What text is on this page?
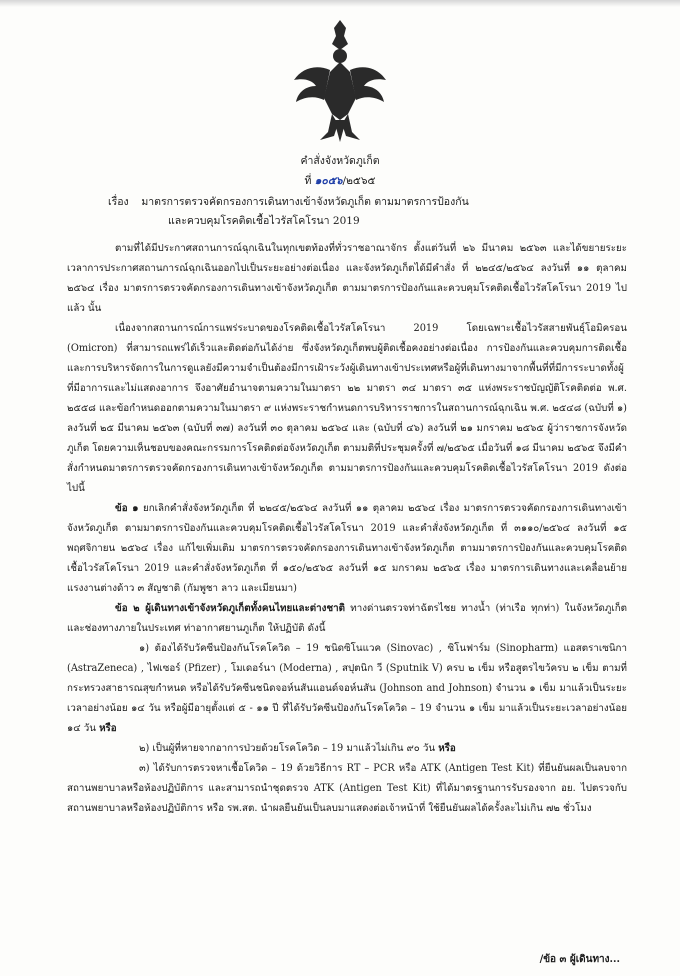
คำสั่งจังหวัดภูเก็ต
ที่ ๑๐๕๖/๒๕๖๕
เรื่อง มาตรการตรวจคัดกรองการเดินทางเข้าจังหวัดภูเก็ต ตามมาตรการป้องกัน
และควบคุมโรคติดเชื้อไวรัสโคโรนา 2019

ตามที่ได้มีประกาศสถานการณ์ฉุกเฉินในทุกเขตท้องที่ทั่วราชอาณาจักร ตั้งแต่วันที่ ๒๖ มีนาคม ๒๕๖๓ และได้ขยายระยะเวลาการประกาศสถานการณ์ฉุกเฉินออกไปเป็นระยะอย่างต่อเนื่อง และจังหวัดภูเก็ตได้มีคำสั่ง ที่ ๒๒๔๕/๒๕๖๔ ลงวันที่ ๑๑ ตุลาคม ๒๕๖๔ เรื่อง มาตรการตรวจคัดกรองการเดินทางเข้าจังหวัดภูเก็ต ตามมาตรการป้องกันและควบคุมโรคติดเชื้อไวรัสโคโรนา 2019 ไปแล้ว นั้น

เนื่องจากสถานการณ์การแพร่ระบาดของโรคติดเชื้อไวรัสโคโรนา 2019 โดยเฉพาะเชื้อไวรัสสายพันธุ์โอมิครอน (Omicron) ที่สามารถแพร่ได้เร็วและติดต่อกันได้ง่าย ซึ่งจังหวัดภูเก็ตพบผู้ติดเชื้อคงอย่างต่อเนื่อง การป้องกันและควบคุมการติดเชื้อและการบริหารจัดการในการดูแลยังมีความจำเป็นต้องมีการเฝ้าระวังผู้เดินทางเข้าประเทศหรือผู้ที่เดินทางมาจากพื้นที่ที่มีการระบาดทั้งผู้ที่มีอาการและไม่แสดงอาการ จึงอาศัยอำนาจตามความในมาตรา ๒๒ มาตรา ๓๔ มาตรา ๓๕ แห่งพระราชบัญญัติโรคติดต่อ พ.ศ. ๒๕๕๘ และข้อกำหนดออกตามความในมาตรา ๙ แห่งพระราชกำหนดการบริหารราชการในสถานการณ์ฉุกเฉิน พ.ศ. ๒๕๔๘ (ฉบับที่ ๑) ลงวันที่ ๒๕ มีนาคม ๒๕๖๓ (ฉบับที่ ๓๗) ลงวันที่ ๓๐ ตุลาคม ๒๕๖๔ และ (ฉบับที่ ๔๖) ลงวันที่ ๒๑ มกราคม ๒๕๖๕ ผู้ว่าราชการจังหวัดภูเก็ต โดยความเห็นชอบของคณะกรรมการโรคติดต่อจังหวัดภูเก็ต ตามมติที่ประชุมครั้งที่ ๗/๒๕๖๕ เมื่อวันที่ ๑๘ มีนาคม ๒๕๖๕ จึงมีคำสั่งกำหนดมาตรการตรวจคัดกรองการเดินทางเข้าจังหวัดภูเก็ต ตามมาตรการป้องกันและควบคุมโรคติดเชื้อไวรัสโคโรนา 2019 ดังต่อไปนี้

ข้อ ๑ ยกเลิกคำสั่งจังหวัดภูเก็ต ที่ ๒๒๔๕/๒๕๖๔ ลงวันที่ ๑๑ ตุลาคม ๒๕๖๔ เรื่อง มาตรการตรวจคัดกรองการเดินทางเข้าจังหวัดภูเก็ต ตามมาตรการป้องกันและควบคุมโรคติดเชื้อไวรัสโคโรนา 2019 และคำสั่งจังหวัดภูเก็ต ที่ ๓๑๑๐/๒๕๖๔ ลงวันที่ ๑๕ พฤศจิกายน ๒๕๖๔ เรื่อง แก้ไขเพิ่มเติม มาตรการตรวจคัดกรองการเดินทางเข้าจังหวัดภูเก็ต ตามมาตรการป้องกันและควบคุมโรคติดเชื้อไวรัสโคโรนา 2019 และคำสั่งจังหวัดภูเก็ต ที่ ๑๕๐/๒๕๖๕ ลงวันที่ ๑๕ มกราคม ๒๕๖๕ เรื่อง มาตรการเดินทางและเคลื่อนย้ายแรงงานต่างด้าว ๓ สัญชาติ (กัมพูชา ลาว และเมียนมา)

ข้อ ๒ ผู้เดินทางเข้าจังหวัดภูเก็ตทั้งคนไทยและต่างชาติ ทางด่านตรวจท่าฉัตรไชย ทางน้ำ (ท่าเรือ ทุกท่า) ในจังหวัดภูเก็ต และช่องทางภายในประเทศ ท่าอากาศยานภูเก็ต ให้ปฏิบัติ ดังนี้

๑) ต้องได้รับวัคซีนป้องกันโรคโควิด – 19 ชนิดซิโนแวค (Sinovac) , ซิโนฟาร์ม (Sinopharm) แอสตราเซนิกา (AstraZeneca) , ไฟเซอร์ (Pfizer) , โมเดอร์นา (Moderna) , สปุตนิก วี (Sputnik V) ครบ ๒ เข็ม หรือสูตรไขว้ครบ ๒ เข็ม ตามที่กระทรวงสาธารณสุขกำหนด หรือได้รับวัคซีนชนิดจอห์นสันแอนด์จอห์นสัน (Johnson and Johnson) จำนวน ๑ เข็ม มาแล้วเป็นระยะเวลาอย่างน้อย ๑๔ วัน หรือผู้มีอายุตั้งแต่ ๕ - ๑๑ ปี ที่ได้รับวัคซีนป้องกันโรคโควิด – 19 จำนวน ๑ เข็ม มาแล้วเป็นระยะเวลาอย่างน้อย ๑๔ วัน หรือ

๒) เป็นผู้ที่หายจากอาการป่วยด้วยโรคโควิด – 19 มาแล้วไม่เกิน ๙๐ วัน หรือ

๓) ได้รับการตรวจหาเชื้อโควิด – 19 ด้วยวิธีการ RT – PCR หรือ ATK (Antigen Test Kit) ที่ยืนยันผลเป็นลบจากสถานพยาบาลหรือห้องปฏิบัติการ และสามารถนำชุดตรวจ ATK (Antigen Test Kit) ที่ได้มาตรฐานการรับรองจาก อย. ไปตรวจกับสถานพยาบาลหรือห้องปฏิบัติการ หรือ รพ.สต. นำผลยืนยันเป็นลบมาแสดงต่อเจ้าหน้าที่ ใช้ยืนยันผลได้ครั้งละไม่เกิน ๗๒ ชั่วโมง

/ข้อ ๓ ผู้เดินทาง...
